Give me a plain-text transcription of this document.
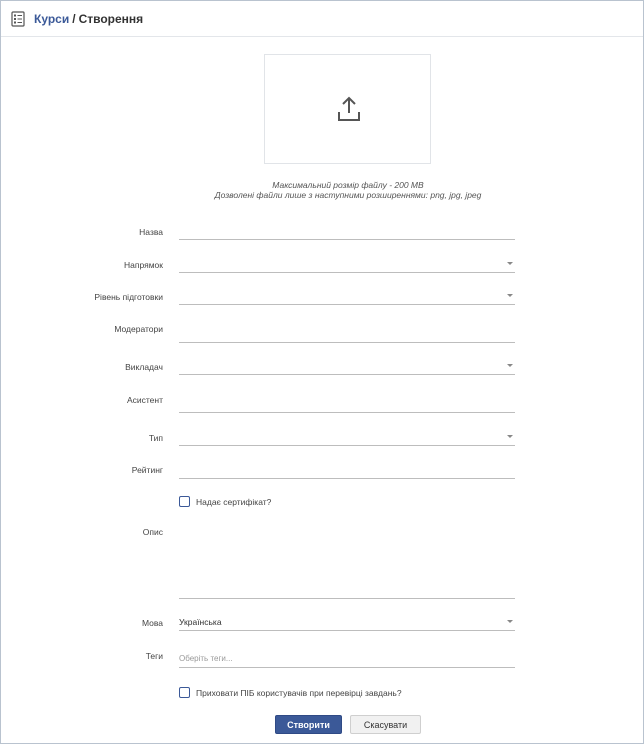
Курси / Створення
Максимальний розмір файлу - 200 МВ
Дозволені файли лише з наступними розширеннями: png, jpg, jpeg
Назва
Напрямок
Рівень підготовки
Модератори
Викладач
Асистент
Тип
Рейтинг
Надає сертифікат?
Опис
Мова Українська
Теги Оберіть теги...
Приховати ПІБ користувачів при перевірці завдань?
Створити	Скасувати
